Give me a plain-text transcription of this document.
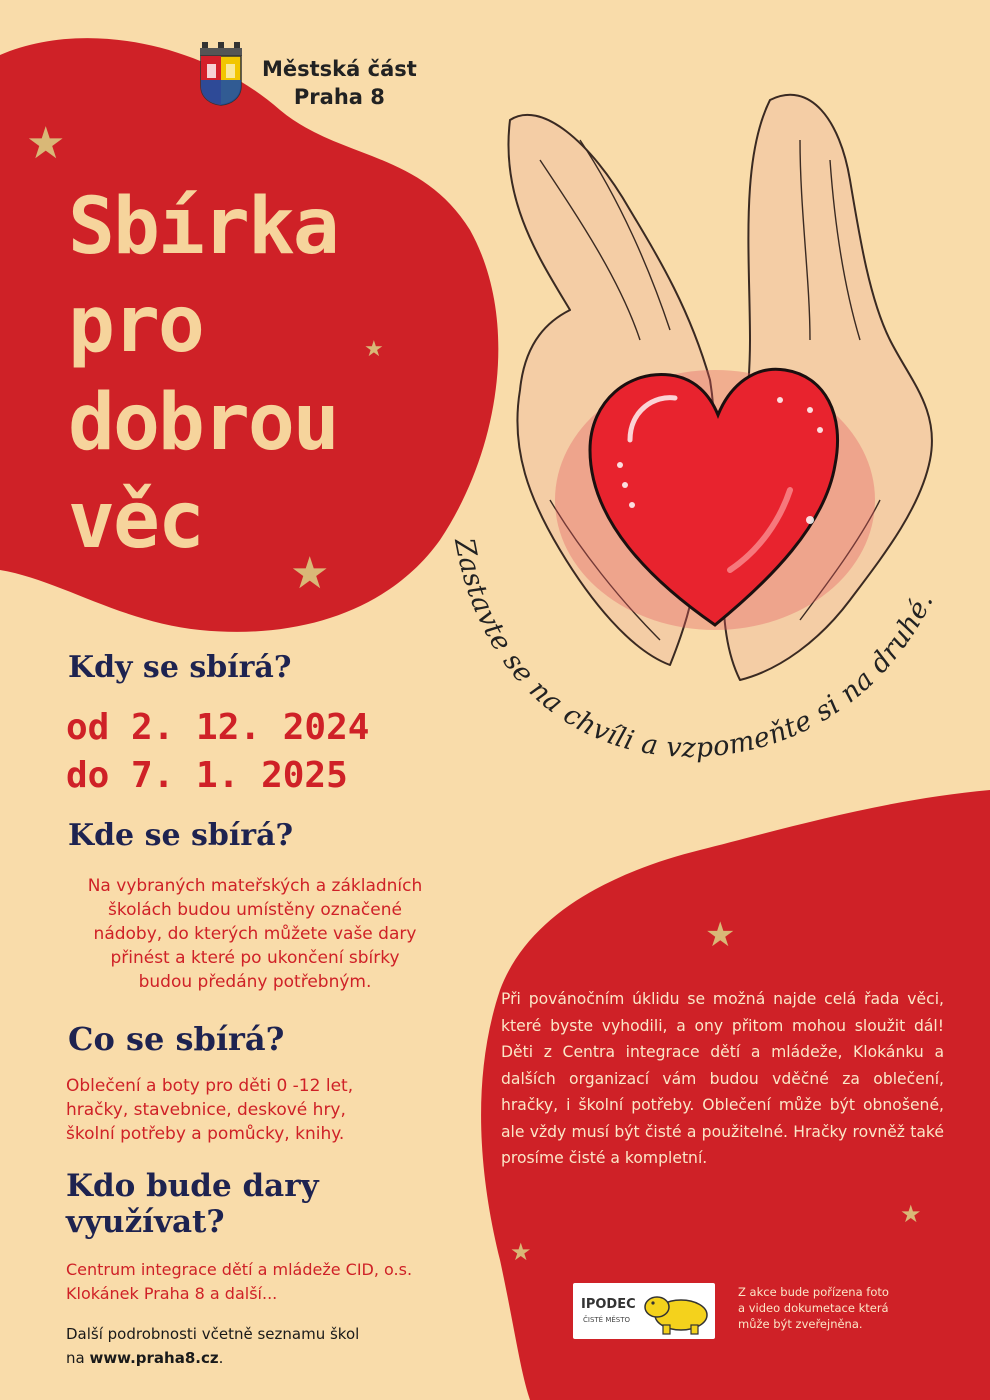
Městská část
Praha 8
Sbírka
pro
dobrou
věc
★
★
★
★
★
★
Zastavte se na chvíli a vzpomeňte si na druhé.
Kdy se sbírá?
od 2. 12. 2024
do 7. 1. 2025
Kde se sbírá?
Na vybraných mateřských a základních
školách budou umístěny označené
nádoby, do kterých můžete vaše dary
přinést a které po ukončení sbírky
budou předány potřebným.
Co se sbírá?
Oblečení a boty pro děti 0 -12 let,
hračky, stavebnice, deskové hry,
školní potřeby a pomůcky, knihy.
Kdo bude dary
využívat?
Centrum integrace dětí a mládeže CID, o.s.
Klokánek Praha 8 a další...
Další podrobnosti včetně seznamu škol
na www.praha8.cz.
Při povánočním úklidu se možná najde celá řada věci, které byste vyhodili, a ony přitom mohou sloužit dál! Děti z Centra integrace dětí a mládeže, Klokánku a dalších organizací vám budou vděčné za oblečení, hračky, i školní potřeby. Oblečení může být obnošené, ale vždy musí být čisté a použitelné. Hračky rovněž také prosíme čisté a kompletní.
IPODEC
ČISTÉ MĚSTO
Z akce bude pořízena foto
a video dokumetace která
může být zveřejněna.
